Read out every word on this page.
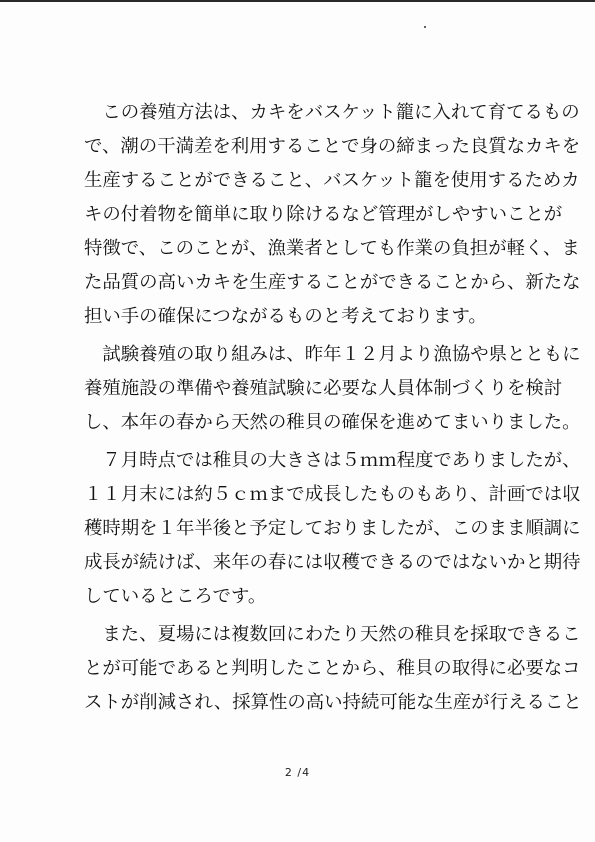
　この養殖方法は、カキをバスケット籠に入れて育てるもの
で、潮の干満差を利用することで身の締まった良質なカキを
生産することができること、バスケット籠を使用するためカ
キの付着物を簡単に取り除けるなど管理がしやすいことが
特徴で、このことが、漁業者としても作業の負担が軽く、ま
た品質の高いカキを生産することができることから、新たな
担い手の確保につながるものと考えております。
　試験養殖の取り組みは、昨年１２月より漁協や県とともに
養殖施設の準備や養殖試験に必要な人員体制づくりを検討
し、本年の春から天然の稚貝の確保を進めてまいりました。
　７月時点では稚貝の大きさは５ｍｍ程度でありましたが、
１１月末には約５ｃｍまで成長したものもあり、計画では収
穫時期を１年半後と予定しておりましたが、このまま順調に
成長が続けば、来年の春には収穫できるのではないかと期待
しているところです。
　また、夏場には複数回にわたり天然の稚貝を採取できるこ
とが可能であると判明したことから、稚貝の取得に必要なコ
ストが削減され、採算性の高い持続可能な生産が行えること
2 /4
